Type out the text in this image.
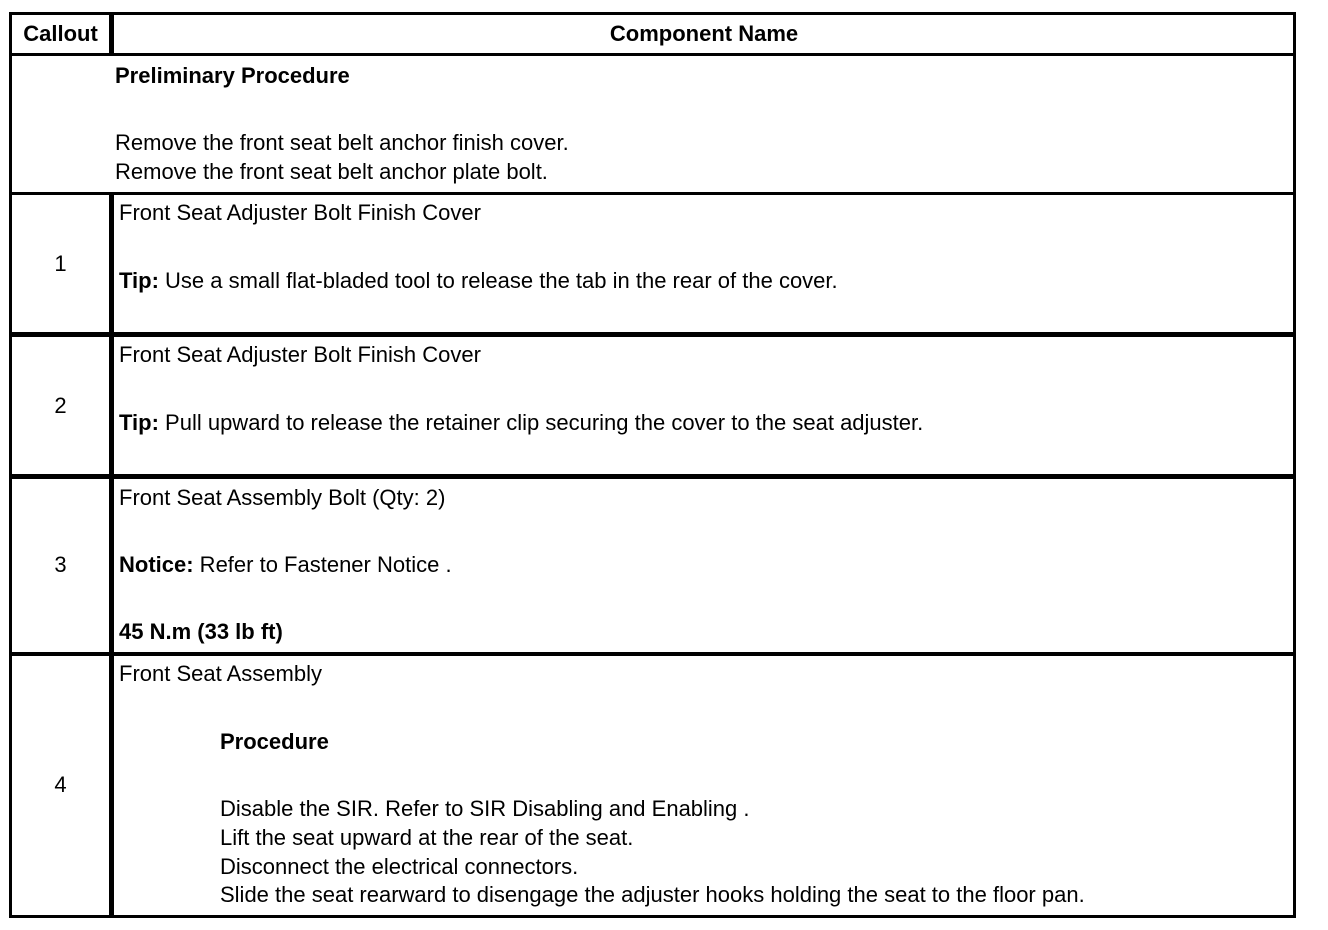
Callout	Component Name
Preliminary Procedure
Remove the front seat belt anchor finish cover.
Remove the front seat belt anchor plate bolt.
1
Front Seat Adjuster Bolt Finish Cover
Tip: Use a small flat-bladed tool to release the tab in the rear of the cover.
2
Front Seat Adjuster Bolt Finish Cover
Tip: Pull upward to release the retainer clip securing the cover to the seat adjuster.
3
Front Seat Assembly Bolt (Qty: 2)
Notice: Refer to Fastener Notice .
45 N.m (33 lb ft)
4
Front Seat Assembly
Procedure
Disable the SIR. Refer to SIR Disabling and Enabling .
Lift the seat upward at the rear of the seat.
Disconnect the electrical connectors.
Slide the seat rearward to disengage the adjuster hooks holding the seat to the floor pan.
